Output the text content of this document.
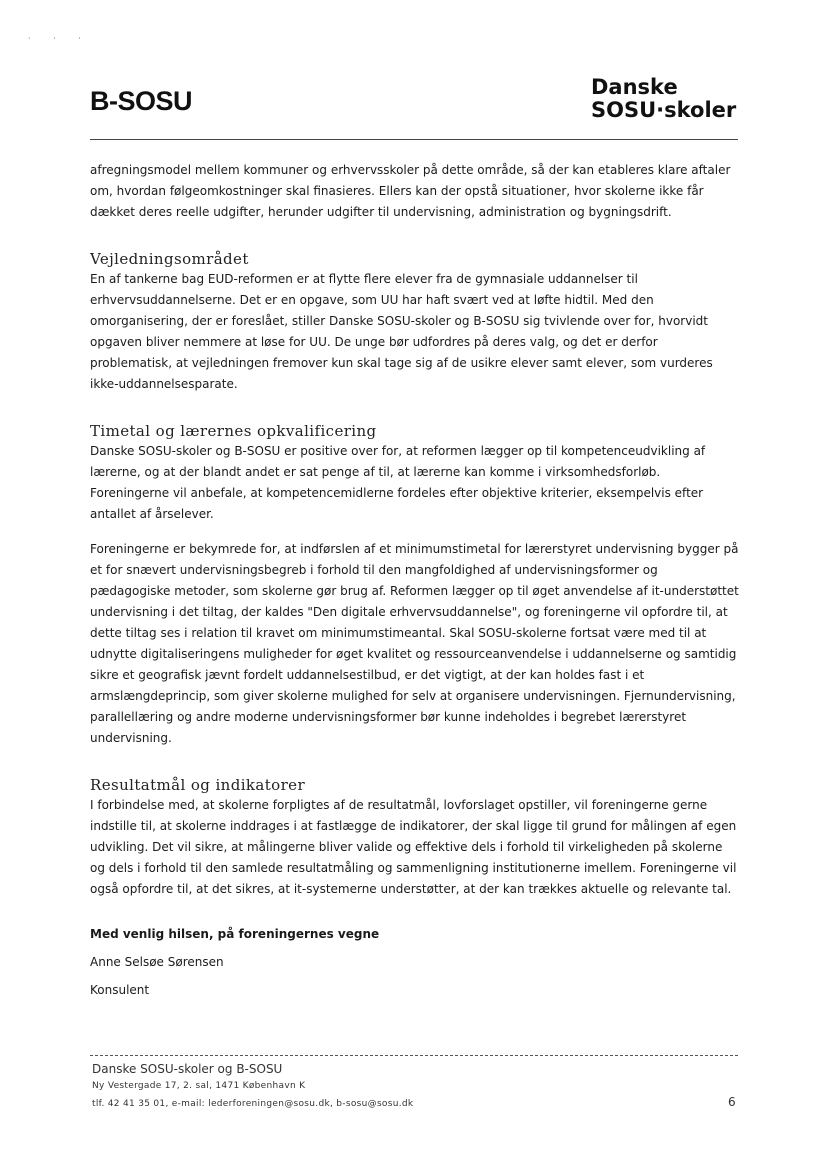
· · ·
B-SOSU	Danske
SOSU·skoler

afregningsmodel mellem kommuner og erhvervsskoler på dette område, så der kan etableres klare aftaler om, hvordan følgeomkostninger skal finasieres. Ellers kan der opstå situationer, hvor skolerne ikke får dækket deres reelle udgifter, herunder udgifter til undervisning, administration og bygningsdrift.

Vejledningsområdet

En af tankerne bag EUD-reformen er at flytte flere elever fra de gymnasiale uddannelser til erhvervsuddannelserne. Det er en opgave, som UU har haft svært ved at løfte hidtil. Med den omorganisering, der er foreslået, stiller Danske SOSU-skoler og B-SOSU sig tvivlende over for, hvorvidt opgaven bliver nemmere at løse for UU. De unge bør udfordres på deres valg, og det er derfor problematisk, at vejledningen fremover kun skal tage sig af de usikre elever samt elever, som vurderes ikke-uddannelsesparate.

Timetal og lærernes opkvalificering

Danske SOSU-skoler og B-SOSU er positive over for, at reformen lægger op til kompetenceudvikling af lærerne, og at der blandt andet er sat penge af til, at lærerne kan komme i virksomhedsforløb. Foreningerne vil anbefale, at kompetencemidlerne fordeles efter objektive kriterier, eksempelvis efter antallet af årselever.

Foreningerne er bekymrede for, at indførslen af et minimumstimetal for lærerstyret undervisning bygger på et for snævert undervisningsbegreb i forhold til den mangfoldighed af undervisningsformer og pædagogiske metoder, som skolerne gør brug af. Reformen lægger op til øget anvendelse af it-understøttet undervisning i det tiltag, der kaldes "Den digitale erhvervsuddannelse", og foreningerne vil opfordre til, at dette tiltag ses i relation til kravet om minimumstimeantal. Skal SOSU-skolerne fortsat være med til at udnytte digitaliseringens muligheder for øget kvalitet og ressourceanvendelse i uddannelserne og samtidig sikre et geografisk jævnt fordelt uddannelsestilbud, er det vigtigt, at der kan holdes fast i et armslængdeprincip, som giver skolerne mulighed for selv at organisere undervisningen. Fjernundervisning, parallellæring og andre moderne undervisningsformer bør kunne indeholdes i begrebet lærerstyret undervisning.

Resultatmål og indikatorer

I forbindelse med, at skolerne forpligtes af de resultatmål, lovforslaget opstiller, vil foreningerne gerne indstille til, at skolerne inddrages i at fastlægge de indikatorer, der skal ligge til grund for målingen af egen udvikling. Det vil sikre, at målingerne bliver valide og effektive dels i forhold til virkeligheden på skolerne og dels i forhold til den samlede resultatmåling og sammenligning institutionerne imellem. Foreningerne vil også opfordre til, at det sikres, at it-systemerne understøtter, at der kan trækkes aktuelle og relevante tal.

Med venlig hilsen, på foreningernes vegne

Anne Selsøe Sørensen

Konsulent

Danske SOSU-skoler og B-SOSU

Ny Vestergade 17, 2. sal, 1471 København K

tlf. 42 41 35 01, e-mail: lederforeningen@sosu.dk, b-sosu@sosu.dk	6
